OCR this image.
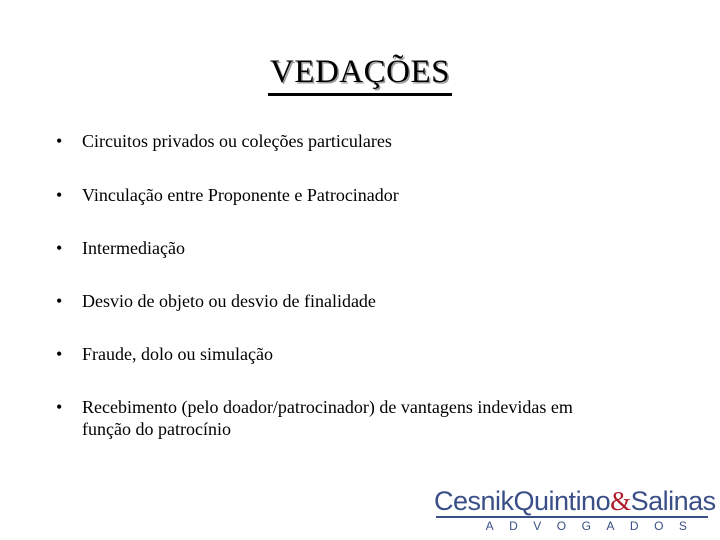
VEDAÇÕES
•	Circuitos privados ou coleções particulares
•	Vinculação entre Proponente e Patrocinador
•	Intermediação
•	Desvio de objeto ou desvio de finalidade
•	Fraude, dolo ou simulação
•	Recebimento (pelo doador/patrocinador) de vantagens indevidas em
função do patrocínio
CesnikQuintino&Salinas
ADVOGADOS
